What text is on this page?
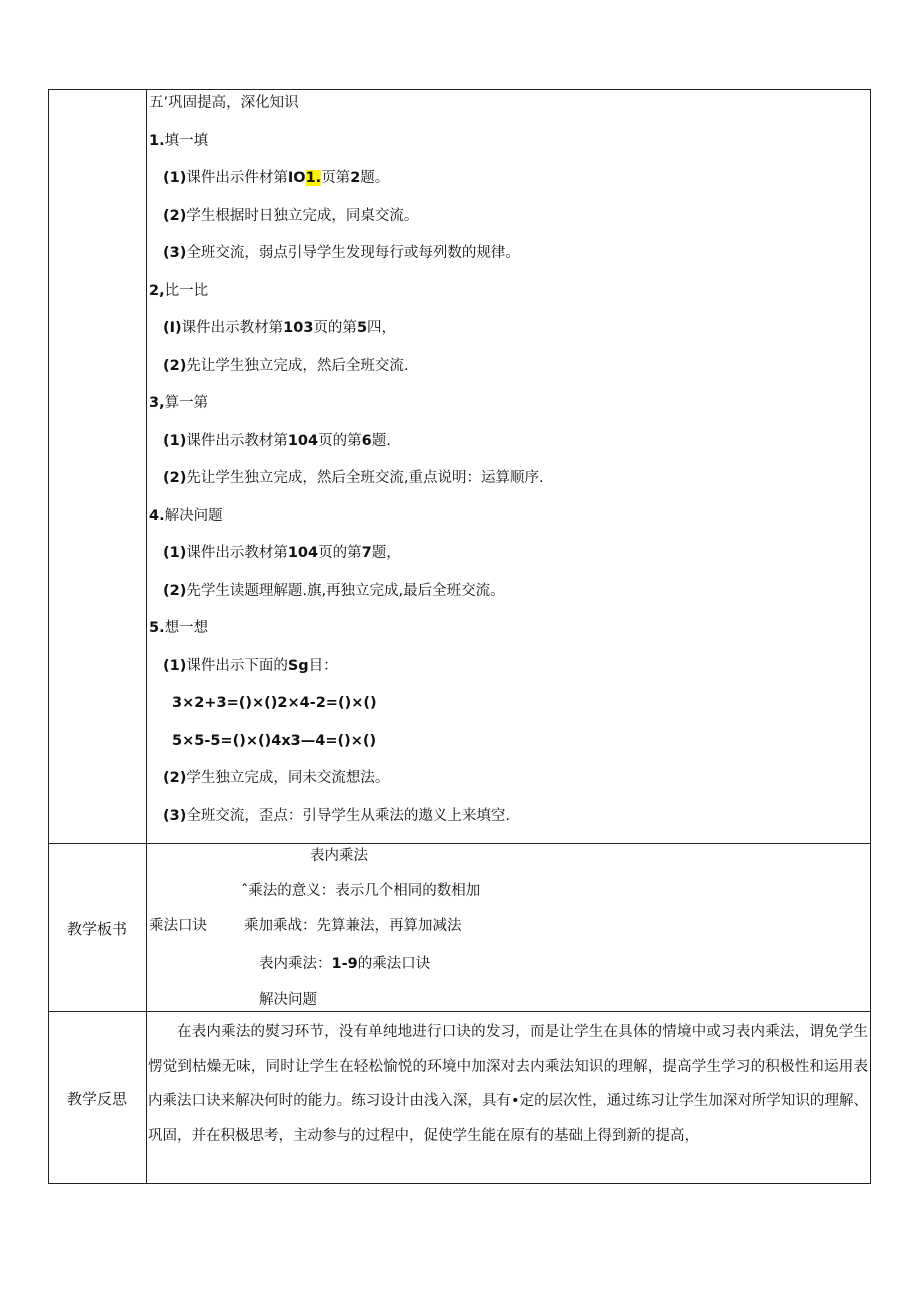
五’巩固提高，深化知识
1.填一填
(1)课件出示件材第IO1.页第2题。
(2)学生根据时日独立完成，同桌交流。
(3)全班交流，弱点引导学生发现每行或每列数的规律。
2,比一比
(I)课件出示教材第103页的第5四，
(2)先让学生独立完成，然后全班交流.
3,算一第
(1)课件出示教材第104页的第6题.
(2)先让学生独立完成，然后全班交流,重点说明：运算顺序.
4.解决问题
(1)课件出示教材第104页的第7题，
(2)先学生读题理解题.旗,再独立完成,最后全班交流。
5.想一想
(1)课件出示下面的Sg目：
3×2+3=()×()2×4-2=()×()
5×5-5=()×()4x3—4=()×()
(2)学生独立完成，同未交流想法。
(3)全班交流，歪点：引导学生从乘法的遨义上来填空.
教学板书
表内乘法
ˆ乘法的意义：表示几个相同的数相加
乘法口诀	乘加乘战：先算兼法，再算加减法
表内乘法：1-9的乘法口诀
解决问题
教学反思
在表内乘法的熨习环节，没有单纯地进行口诀的发习，而是让学生在具体的情境中或习表内乘法，谓免学生愣觉到枯燥无味，同时让学生在轻松愉悦的环境中加深对去内乘法知识的理解，提高学生学习的积极性和运用表内乘法口诀来解决何时的能力。练习设计由浅入深，具有•定的层次性，通过练习让学生加深对所学知识的理解、巩固，并在积极思考，主动参与的过程中，促使学生能在原有的基础上得到新的提高，
